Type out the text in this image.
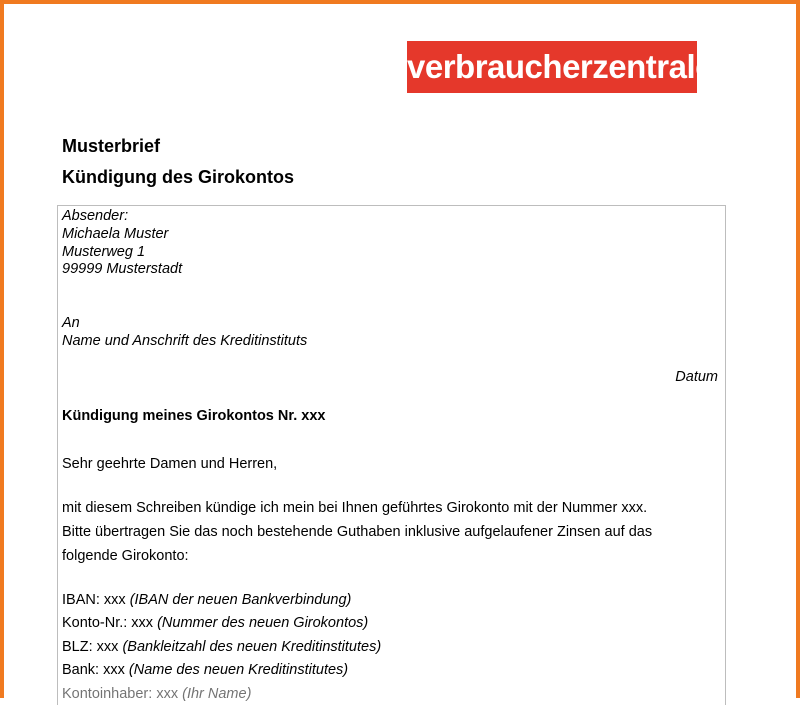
verbraucherzentrale
Musterbrief
Kündigung des Girokontos
Absender:
Michaela Muster
Musterweg 1
99999 Musterstadt
An
Name und Anschrift des Kreditinstituts
Datum
Kündigung meines Girokontos Nr. xxx
Sehr geehrte Damen und Herren,
mit diesem Schreiben kündige ich mein bei Ihnen geführtes Girokonto mit der Nummer xxx.
Bitte übertragen Sie das noch bestehende Guthaben inklusive aufgelaufener Zinsen auf das
folgende Girokonto:
IBAN: xxx (IBAN der neuen Bankverbindung)
Konto-Nr.: xxx (Nummer des neuen Girokontos)
BLZ: xxx (Bankleitzahl des neuen Kreditinstitutes)
Bank: xxx (Name des neuen Kreditinstitutes)
Kontoinhaber: xxx (Ihr Name)
